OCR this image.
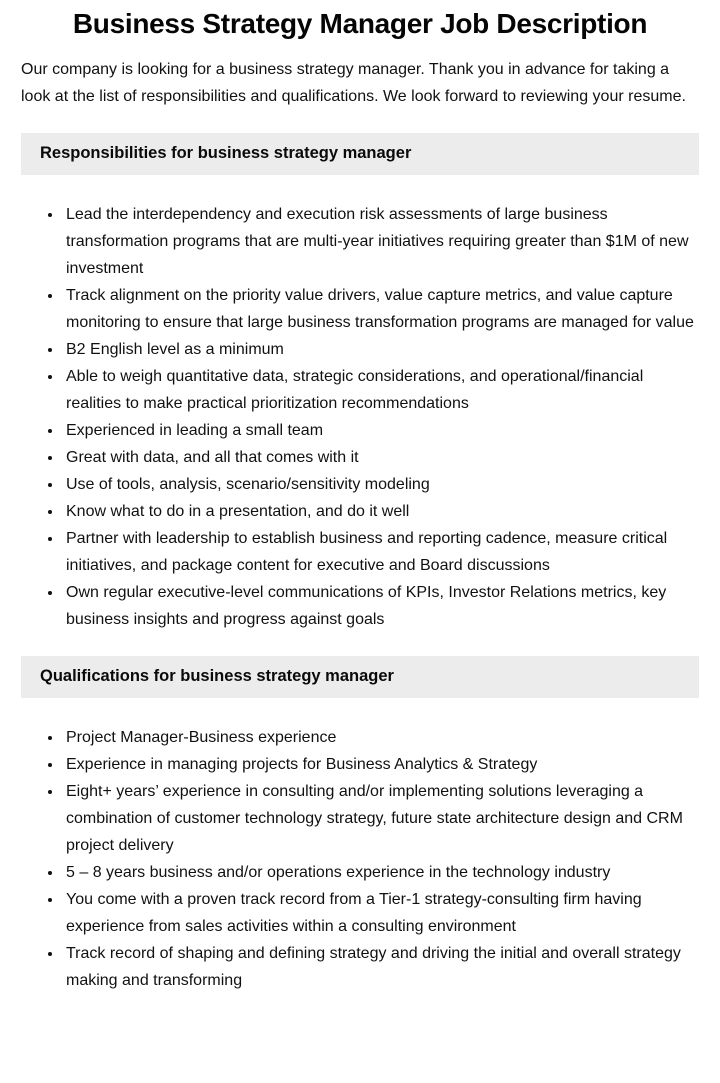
Business Strategy Manager Job Description

Our company is looking for a business strategy manager. Thank you in advance for taking a look at the list of responsibilities and qualifications. We look forward to reviewing your resume.

Responsibilities for business strategy manager
• Lead the interdependency and execution risk assessments of large business transformation programs that are multi-year initiatives requiring greater than $1M of new investment
• Track alignment on the priority value drivers, value capture metrics, and value capture monitoring to ensure that large business transformation programs are managed for value
• B2 English level as a minimum
• Able to weigh quantitative data, strategic considerations, and operational/financial realities to make practical prioritization recommendations
• Experienced in leading a small team
• Great with data, and all that comes with it
• Use of tools, analysis, scenario/sensitivity modeling
• Know what to do in a presentation, and do it well
• Partner with leadership to establish business and reporting cadence, measure critical initiatives, and package content for executive and Board discussions
• Own regular executive-level communications of KPIs, Investor Relations metrics, key business insights and progress against goals
Qualifications for business strategy manager
• Project Manager-Business experience
• Experience in managing projects for Business Analytics & Strategy
• Eight+ years’ experience in consulting and/or implementing solutions leveraging a combination of customer technology strategy, future state architecture design and CRM project delivery
• 5 – 8 years business and/or operations experience in the technology industry
• You come with a proven track record from a Tier-1 strategy-consulting firm having experience from sales activities within a consulting environment
• Track record of shaping and defining strategy and driving the initial and overall strategy making and transforming
